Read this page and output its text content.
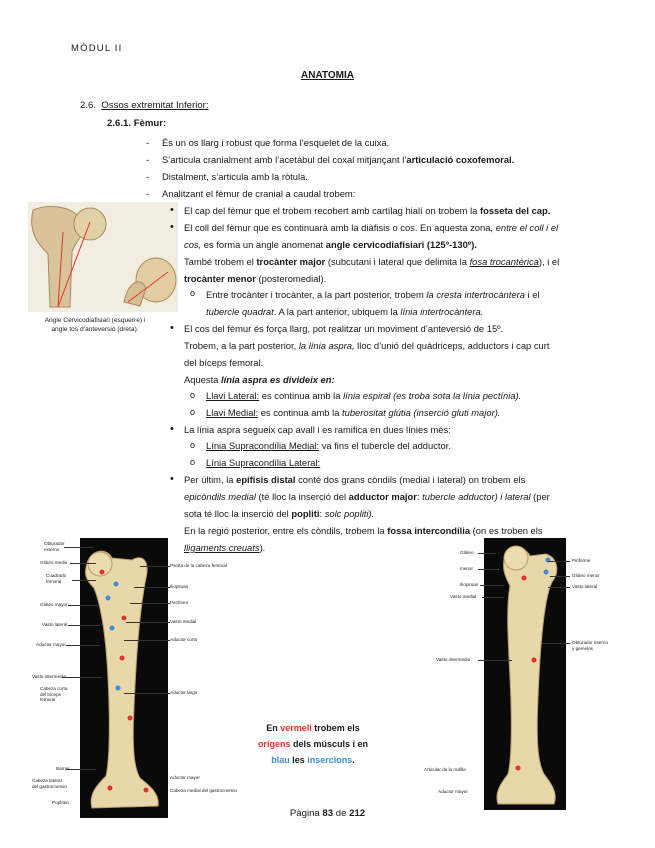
MÒDUL II
ANATOMIA
2.6. Ossos extremitat Inferior:
2.6.1. Fèmur:
- És un os llarg i robust que forma l’esquelet de la cuixa.
- S’articula cranialment amb l’acetàbul del coxal mitjançant l’articulació coxofemoral.
- Distalment, s’articula amb la ròtula.
- Analitzant el fèmur de cranial a caudal trobem:
Angle Cervicodiafisiari (esquerre) i
angle tos d’anteversió (dreta).
• El cap del fèmur que el trobem recobert amb cartílag hialí on trobem la fosseta del cap.
• El coll del fèmur que es continuarà amb la diàfisis o cos. En aquesta zona, entre el coll i el
cos, es forma un angle anomenat angle cervicodiafisiari (125º-130º).
També trobem el trocànter major (subcutani i lateral que delimita la fosa trocantèrica), i el
trocànter menor (posteromedial).
o Entre trocànter i trocànter, a la part posterior, trobem la cresta intertrocàntera i el
tubercle quadrat. A la part anterior, ubiquem la línia intertrocàntera.
• El cos del fèmur és força llarg, pot realitzar un moviment d’anteversió de 15º.
Trobem, a la part posterior, la línia aspra, lloc d’unió del quàdriceps, adductors i cap curt
del bíceps femoral.
Aquesta línia aspra es divideix en:
o Llavi Lateral: es continua amb la línia espiral (es troba sota la línia pectínia).
o Llavi Medial: es continua amb la tuberositat glútia (inserció gluti major).
• La línia aspra segueix cap avall i es ramifica en dues línies més:
o Línia Supracondília Medial: va fins el tubercle del adductor.
o Línia Supracondília Lateral:
• Per últim, la epífisis distal conté dos grans còndils (medial i lateral) on trobem els
epicòndils medial (té lloc la inserció del adductor major: tubercle adductor) i lateral (per
sota té lloc la inserció del popliti: solc popliti).
En la regió posterior, entre els còndils, trobem la fossa intercondília (on es troben els
lligaments creuats).
Obturador
externo
Glúteo medio
Cuadrado
femoral
Glúteo mayor
Vasto lateral
Aductor mayor
Vasto intermedio
Cabeza corta
del bíceps
femoral
Barras
Cabeza lateral
del gastrocnemio
Poplíteo
Psoíta de la cabeza femoral
Iliopsoas
Pectíneo
Vasto medial
Aductor corto
Aductor largo
Aductor mayor
Cabeza medial del gastrocnemio
En vermell trobem els
orígens dels músculs i en
blau les insercions.
Glúteo
menor
Iliopsoas
Vasto medial
Vasto intermedio
Articular de la rodilla
Aductor mayor
Piriforme
Glúteo menor
Vasto lateral
Obturador interno
y gemelos
Pàgina 83 de 212
